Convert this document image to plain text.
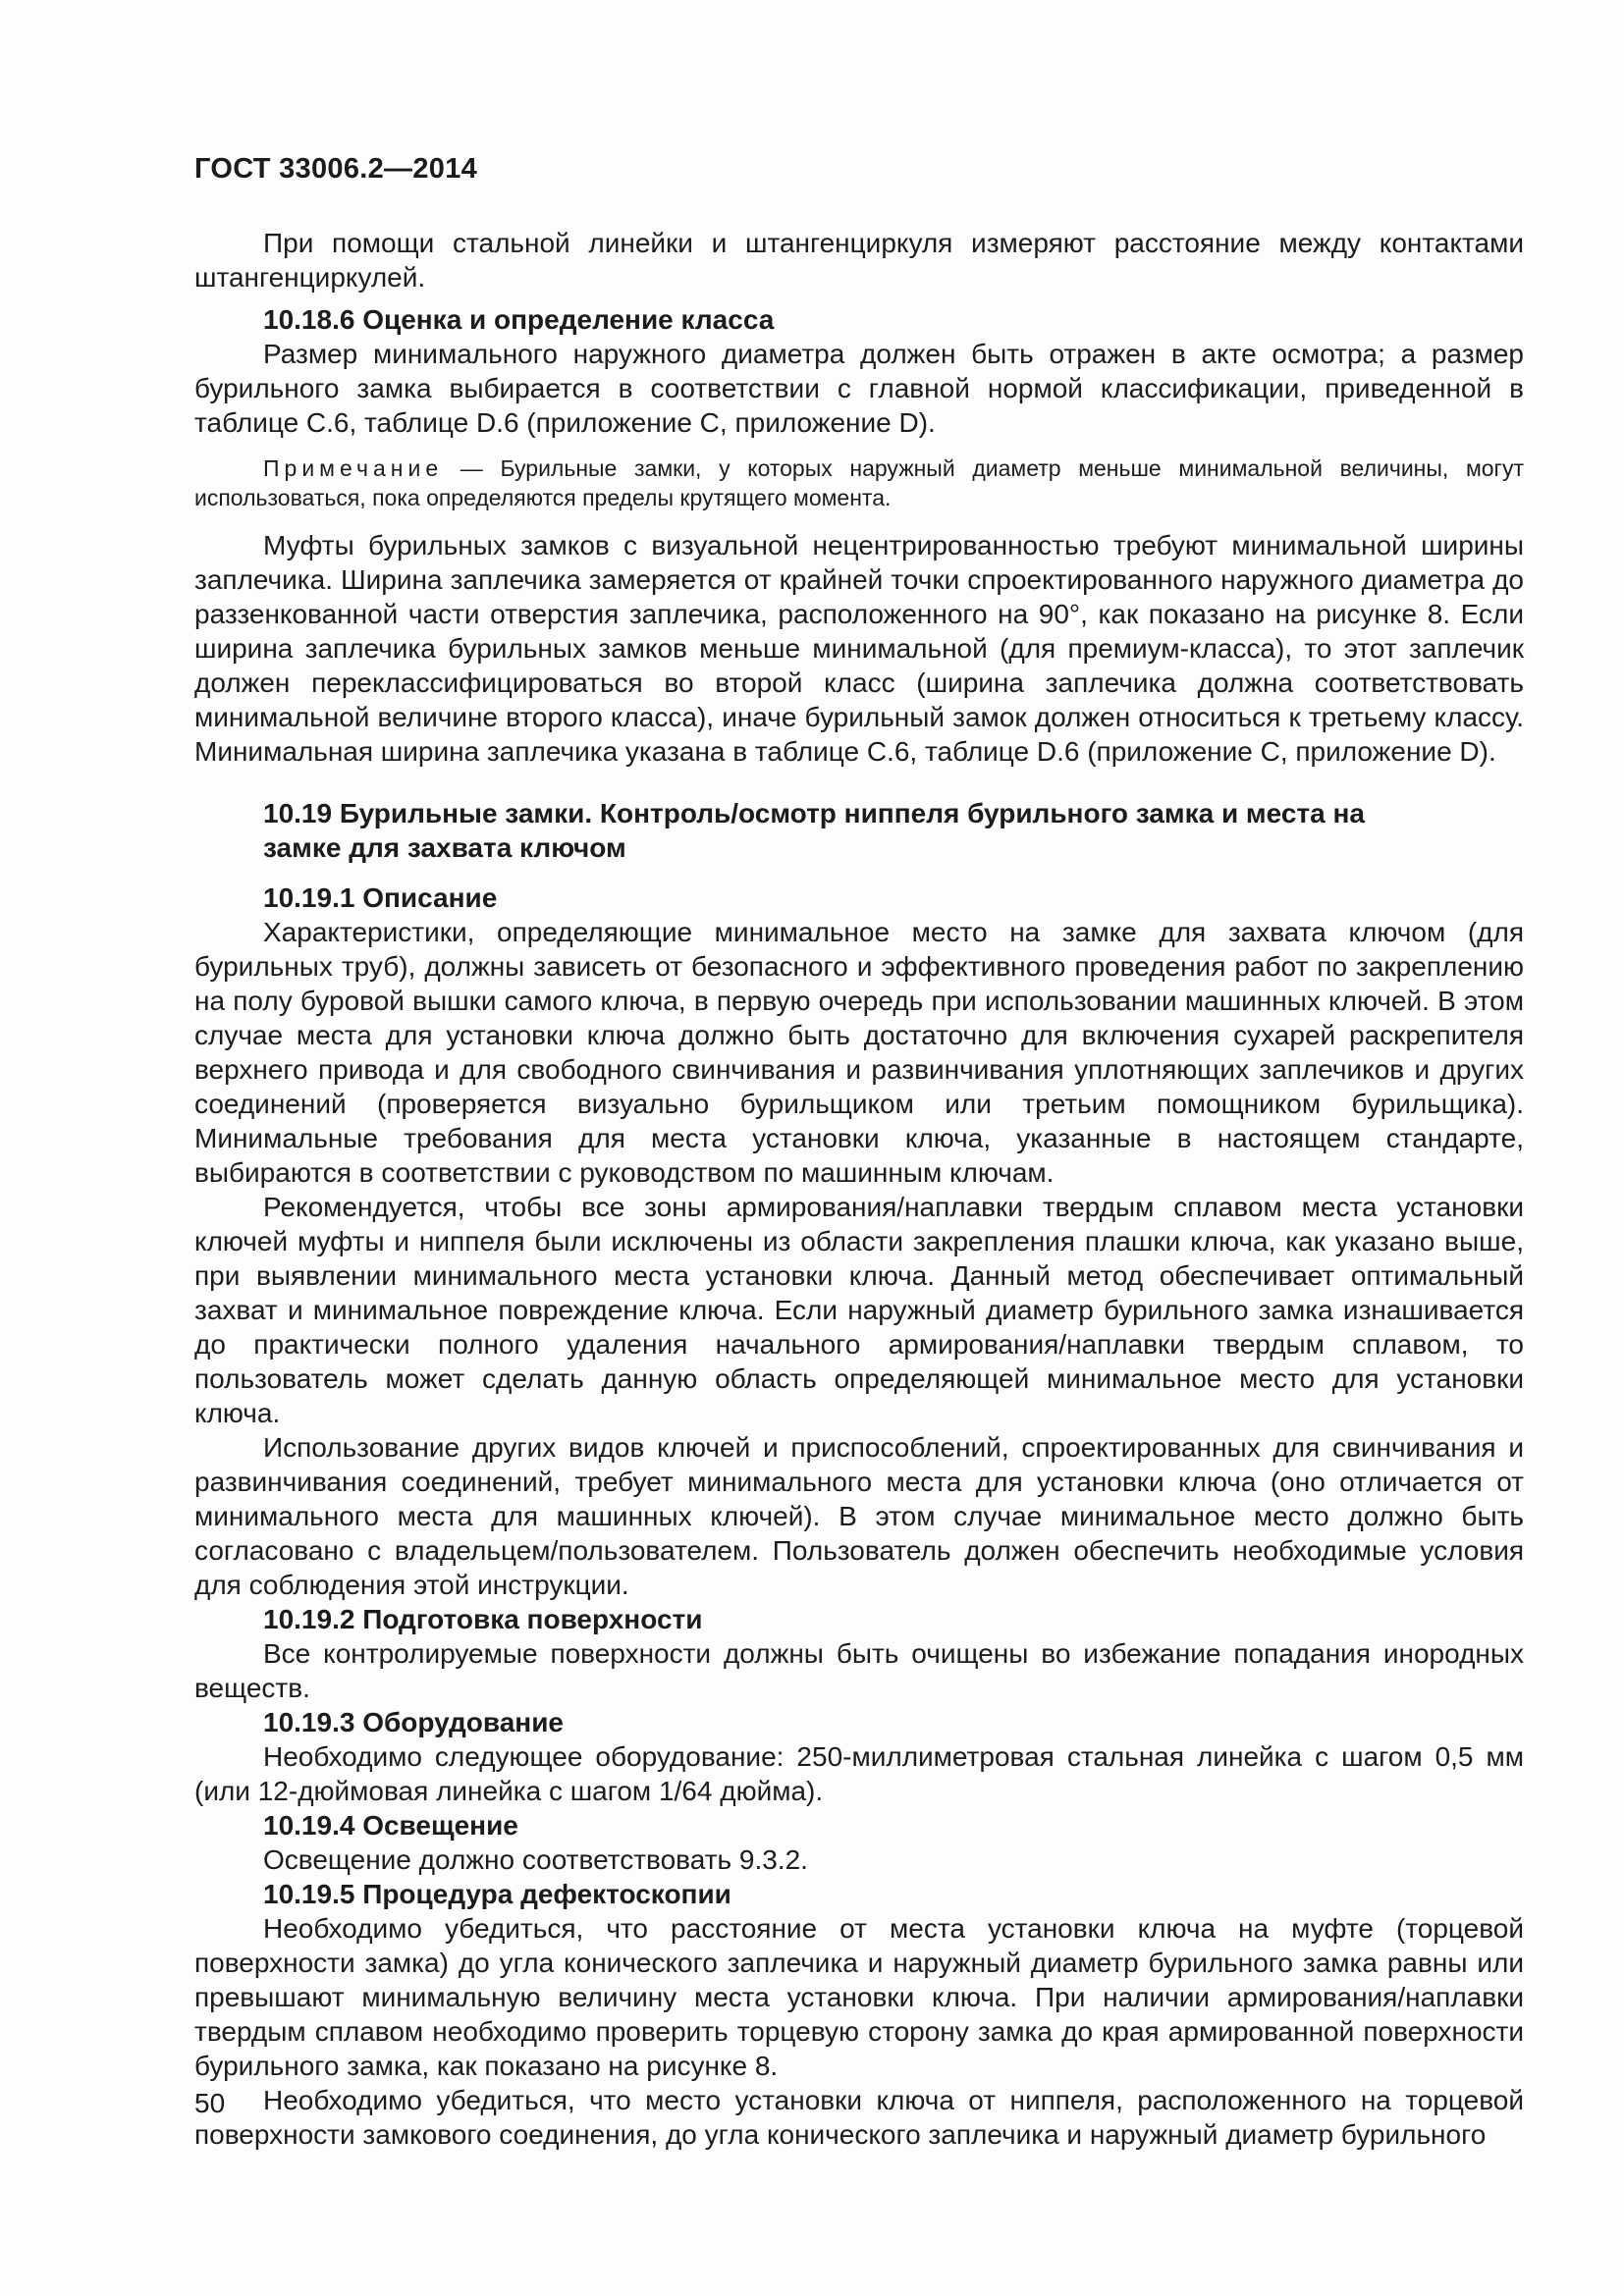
ГОСТ 33006.2—2014

При помощи стальной линейки и штангенциркуля измеряют расстояние между контактами штангенциркулей.

10.18.6 Оценка и определение класса

Размер минимального наружного диаметра должен быть отражен в акте осмотра; а размер бурильного замка выбирается в соответствии с главной нормой классификации, приведенной в таблице С.6, таблице D.6 (приложение С, приложение D).

Примечание — Бурильные замки, у которых наружный диаметр меньше минимальной величины, могут использоваться, пока определяются пределы крутящего момента.

Муфты бурильных замков с визуальной нецентрированностью требуют минимальной ширины заплечика. Ширина заплечика замеряется от крайней точки спроектированного наружного диаметра до раззенкованной части отверстия заплечика, расположенного на 90°, как показано на рисунке 8. Если ширина заплечика бурильных замков меньше минимальной (для премиум-класса), то этот заплечик должен переклассифицироваться во второй класс (ширина заплечика должна соответствовать минимальной величине второго класса), иначе бурильный замок должен относиться к третьему классу. Минимальная ширина заплечика указана в таблице С.6, таблице D.6 (приложение С, приложение D).

10.19 Бурильные замки. Контроль/осмотр ниппеля бурильного замка и места на замке для захвата ключом

10.19.1 Описание

Характеристики, определяющие минимальное место на замке для захвата ключом (для бурильных труб), должны зависеть от безопасного и эффективного проведения работ по закреплению на полу буровой вышки самого ключа, в первую очередь при использовании машинных ключей. В этом случае места для установки ключа должно быть достаточно для включения сухарей раскрепителя верхнего привода и для свободного свинчивания и развинчивания уплотняющих заплечиков и других соединений (проверяется визуально бурильщиком или третьим помощником бурильщика). Минимальные требования для места установки ключа, указанные в настоящем стандарте, выбираются в соответствии с руководством по машинным ключам.

Рекомендуется, чтобы все зоны армирования/наплавки твердым сплавом места установки ключей муфты и ниппеля были исключены из области закрепления плашки ключа, как указано выше, при выявлении минимального места установки ключа. Данный метод обеспечивает оптимальный захват и минимальное повреждение ключа. Если наружный диаметр бурильного замка изнашивается до практически полного удаления начального армирования/наплавки твердым сплавом, то пользователь может сделать данную область определяющей минимальное место для установки ключа.

Использование других видов ключей и приспособлений, спроектированных для свинчивания и развинчивания соединений, требует минимального места для установки ключа (оно отличается от минимального места для машинных ключей). В этом случае минимальное место должно быть согласовано с владельцем/пользователем. Пользователь должен обеспечить необходимые условия для соблюдения этой инструкции.

10.19.2 Подготовка поверхности

Все контролируемые поверхности должны быть очищены во избежание попадания инородных веществ.

10.19.3 Оборудование

Необходимо следующее оборудование: 250-миллиметровая стальная линейка с шагом 0,5 мм (или 12-дюймовая линейка с шагом 1/64 дюйма).

10.19.4 Освещение

Освещение должно соответствовать 9.3.2.

10.19.5 Процедура дефектоскопии

Необходимо убедиться, что расстояние от места установки ключа на муфте (торцевой поверхности замка) до угла конического заплечика и наружный диаметр бурильного замка равны или превышают минимальную величину места установки ключа. При наличии армирования/наплавки твердым сплавом необходимо проверить торцевую сторону замка до края армированной поверхности бурильного замка, как показано на рисунке 8.

Необходимо убедиться, что место установки ключа от ниппеля, расположенного на торцевой поверхности замкового соединения, до угла конического заплечика и наружный диаметр бурильного

50
